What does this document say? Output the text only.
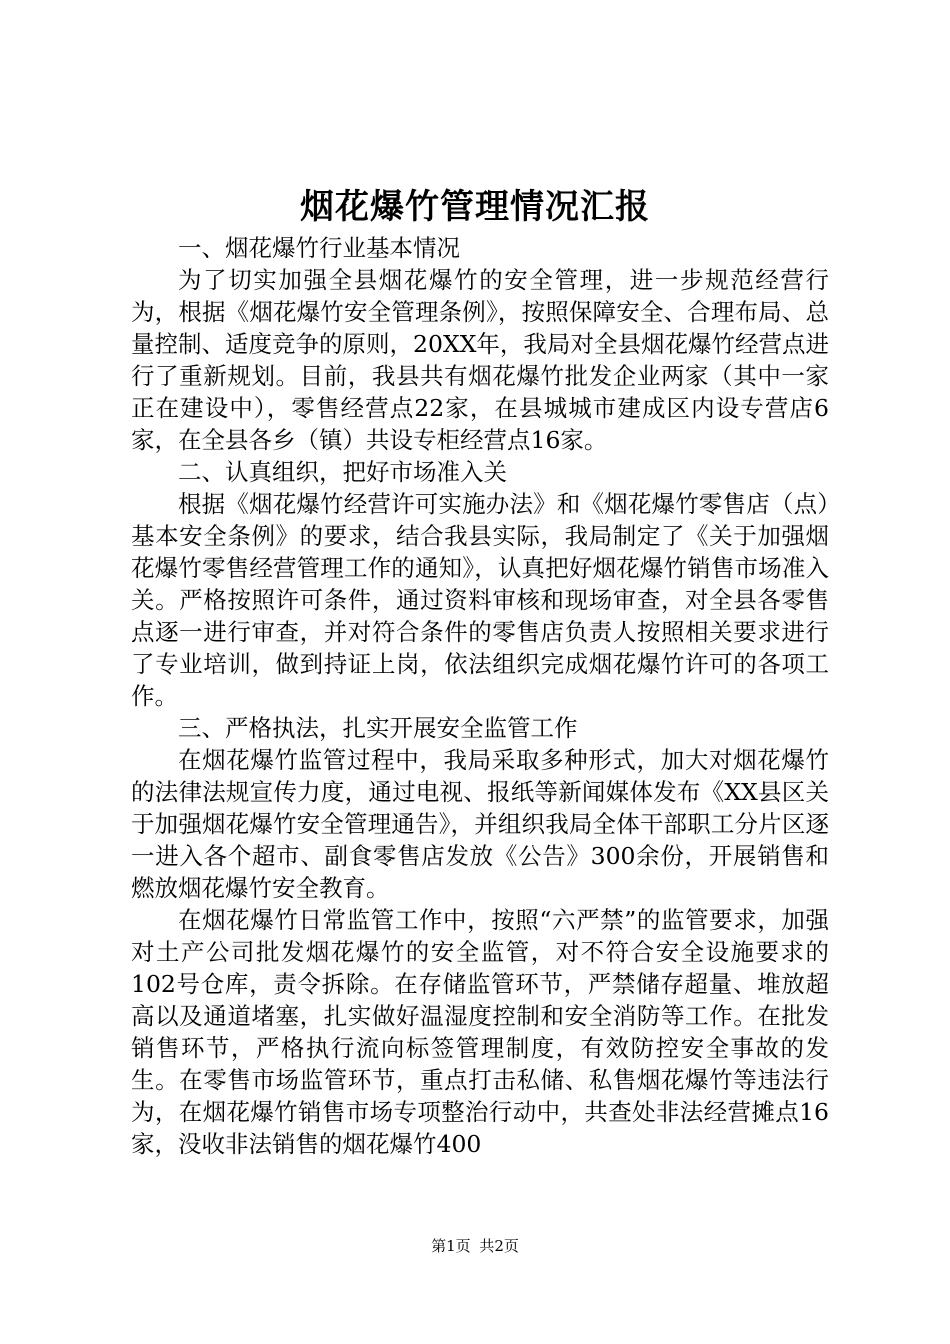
烟花爆竹管理情况汇报

一、烟花爆竹行业基本情况

为了切实加强全县烟花爆竹的安全管理，进一步规范经营行为，根据《烟花爆竹安全管理条例》，按照保障安全、合理布局、总量控制、适度竞争的原则，20XX年，我局对全县烟花爆竹经营点进行了重新规划。目前，我县共有烟花爆竹批发企业两家（其中一家正在建设中），零售经营点22家，在县城城市建成区内设专营店6家，在全县各乡（镇）共设专柜经营点16家。

二、认真组织，把好市场准入关

根据《烟花爆竹经营许可实施办法》和《烟花爆竹零售店（点）基本安全条例》的要求，结合我县实际，我局制定了《关于加强烟花爆竹零售经营管理工作的通知》，认真把好烟花爆竹销售市场准入关。严格按照许可条件，通过资料审核和现场审查，对全县各零售点逐一进行审查，并对符合条件的零售店负责人按照相关要求进行了专业培训，做到持证上岗，依法组织完成烟花爆竹许可的各项工作。

三、严格执法，扎实开展安全监管工作

在烟花爆竹监管过程中，我局采取多种形式，加大对烟花爆竹的法律法规宣传力度，通过电视、报纸等新闻媒体发布《XX县区关于加强烟花爆竹安全管理通告》，并组织我局全体干部职工分片区逐一进入各个超市、副食零售店发放《公告》300余份，开展销售和燃放烟花爆竹安全教育。

在烟花爆竹日常监管工作中，按照“六严禁”的监管要求，加强对土产公司批发烟花爆竹的安全监管，对不符合安全设施要求的102号仓库，责令拆除。在存储监管环节，严禁储存超量、堆放超高以及通道堵塞，扎实做好温湿度控制和安全消防等工作。在批发销售环节，严格执行流向标签管理制度，有效防控安全事故的发生。在零售市场监管环节，重点打击私储、私售烟花爆竹等违法行为，在烟花爆竹销售市场专项整治行动中，共查处非法经营摊点16家，没收非法销售的烟花爆竹400

第1页 共2页
